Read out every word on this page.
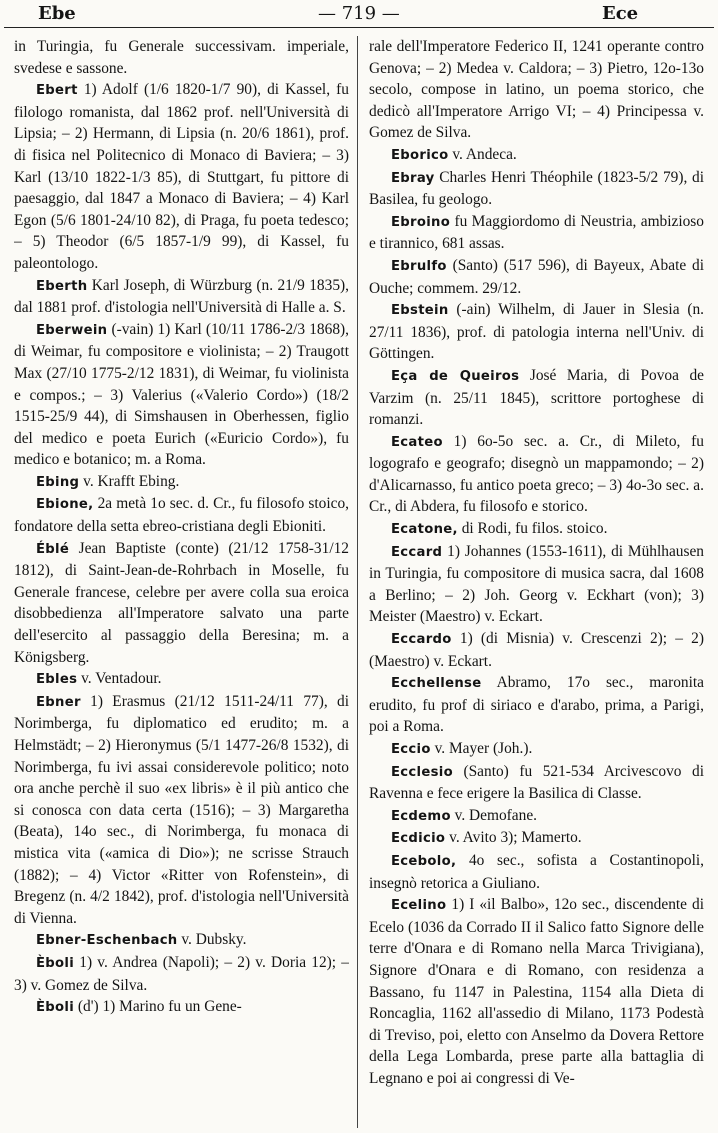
Ebe	— 719 —	Ece

in Turingia, fu Generale successivam. imperiale, svedese e sassone.

Ebert 1) Adolf (1/6 1820-1/7 90), di Kassel, fu filologo romanista, dal 1862 prof. nell'Università di Lipsia; – 2) Hermann, di Lipsia (n. 20/6 1861), prof. di fisica nel Politecnico di Monaco di Baviera; – 3) Karl (13/10 1822-1/3 85), di Stuttgart, fu pittore di paesaggio, dal 1847 a Monaco di Baviera; – 4) Karl Egon (5/6 1801-24/10 82), di Praga, fu poeta tedesco; – 5) Theodor (6/5 1857-1/9 99), di Kassel, fu paleontologo.

Eberth Karl Joseph, di Würzburg (n. 21/9 1835), dal 1881 prof. d'istologia nell'Università di Halle a. S.

Eberwein (-vain) 1) Karl (10/11 1786-2/3 1868), di Weimar, fu compositore e violinista; – 2) Traugott Max (27/10 1775-2/12 1831), di Weimar, fu violinista e compos.; – 3) Valerius («Valerio Cordo») (18/2 1515-25/9 44), di Simshausen in Oberhessen, figlio del medico e poeta Eurich («Euricio Cordo»), fu medico e botanico; m. a Roma.

Ebing v. Krafft Ebing.

Ebione, 2a metà 1o sec. d. Cr., fu filosofo stoico, fondatore della setta ebreo-cristiana degli Ebioniti.

Éblé Jean Baptiste (conte) (21/12 1758-31/12 1812), di Saint-Jean-de-Rohrbach in Moselle, fu Generale francese, celebre per avere colla sua eroica disobbedienza all'Imperatore salvato una parte dell'esercito al passaggio della Beresina; m. a Königsberg.

Ebles v. Ventadour.

Ebner 1) Erasmus (21/12 1511-24/11 77), di Norimberga, fu diplomatico ed erudito; m. a Helmstädt; – 2) Hieronymus (5/1 1477-26/8 1532), di Norimberga, fu ivi assai considerevole politico; noto ora anche perchè il suo «ex libris» è il più antico che si conosca con data certa (1516); – 3) Margaretha (Beata), 14o sec., di Norimberga, fu monaca di mistica vita («amica di Dio»); ne scrisse Strauch (1882); – 4) Victor «Ritter von Rofenstein», di Bregenz (n. 4/2 1842), prof. d'istologia nell'Università di Vienna.

Ebner-Eschenbach v. Dubsky.

Èboli 1) v. Andrea (Napoli); – 2) v. Doria 12); – 3) v. Gomez de Silva.

Èboli (d') 1) Marino fu un Gene-

rale dell'Imperatore Federico II, 1241 operante contro Genova; – 2) Medea v. Caldora; – 3) Pietro, 12o-13o secolo, compose in latino, un poema storico, che dedicò all'Imperatore Arrigo VI; – 4) Principessa v. Gomez de Silva.

Eborico v. Andeca.

Ebray Charles Henri Théophile (1823-5/2 79), di Basilea, fu geologo.

Ebroino fu Maggiordomo di Neustria, ambizioso e tirannico, 681 assas.

Ebrulfo (Santo) (517 596), di Bayeux, Abate di Ouche; commem. 29/12.

Ebstein (-ain) Wilhelm, di Jauer in Slesia (n. 27/11 1836), prof. di patologia interna nell'Univ. di Göttingen.

Eça de Queiros José Maria, di Povoa de Varzim (n. 25/11 1845), scrittore portoghese di romanzi.

Ecateo 1) 6o-5o sec. a. Cr., di Mileto, fu logografo e geografo; disegnò un mappamondo; – 2) d'Alicarnasso, fu antico poeta greco; – 3) 4o-3o sec. a. Cr., di Abdera, fu filosofo e storico.

Ecatone, di Rodi, fu filos. stoico.

Eccard 1) Johannes (1553-1611), di Mühlhausen in Turingia, fu compositore di musica sacra, dal 1608 a Berlino; – 2) Joh. Georg v. Eckhart (von); 3) Meister (Maestro) v. Eckart.

Eccardo 1) (di Misnia) v. Crescenzi 2); – 2) (Maestro) v. Eckart.

Ecchellense Abramo, 17o sec., maronita erudito, fu prof di siriaco e d'arabo, prima, a Parigi, poi a Roma.

Eccio v. Mayer (Joh.).

Ecclesio (Santo) fu 521-534 Arcivescovo di Ravenna e fece erigere la Basilica di Classe.

Ecdemo v. Demofane.

Ecdicio v. Avito 3); Mamerto.

Ecebolo, 4o sec., sofista a Costantinopoli, insegnò retorica a Giuliano.

Ecelino 1) I «il Balbo», 12o sec., discendente di Ecelo (1036 da Corrado II il Salico fatto Signore delle terre d'Onara e di Romano nella Marca Trivigiana), Signore d'Onara e di Romano, con residenza a Bassano, fu 1147 in Palestina, 1154 alla Dieta di Roncaglia, 1162 all'assedio di Milano, 1173 Podestà di Treviso, poi, eletto con Anselmo da Dovera Rettore della Lega Lombarda, prese parte alla battaglia di Legnano e poi ai congressi di Ve-
